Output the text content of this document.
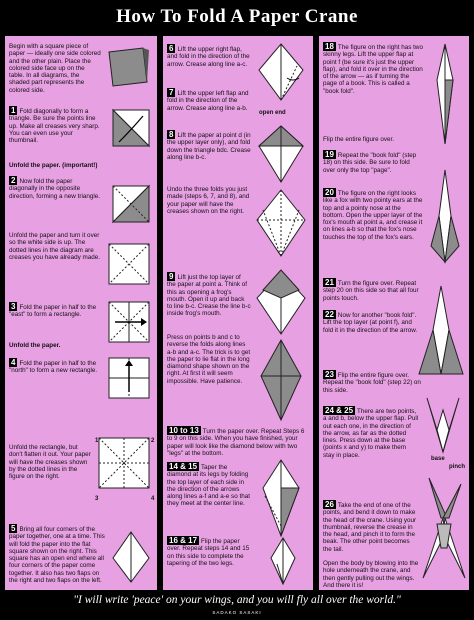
How To Fold A Paper Crane
Begin with a square piece of paper — ideally one side colored and the other plain. Place the colored side face up on the table. In all diagrams, the shaded part represents the colored side.
1 Fold diagonally to form a triangle. Be sure the points line up. Make all creases very sharp. You can even use your thumbnail.
Unfold the paper. (important!)
2 Now fold the paper diagonally in the opposite direction, forming a new triangle.
Unfold the paper and turn it over so the white side is up. The dotted lines in the diagram are creases you have already made.
3 Fold the paper in half to the "east" to form a rectangle.
Unfold the paper.
4 Fold the paper in half to the "north" to form a new rectangle.
Unfold the rectangle, but don't flatten it out. Your paper will have the creases shown by the dotted lines in the figure on the right.
1	2
3	4
5 Bring all four corners of the paper together, one at a time. This will fold the paper into the flat square shown on the right. This square has an open end where all four corners of the paper come together. It also has two flaps on the right and two flaps on the left.
6 Lift the upper right flap, and fold in the direction of the arrow. Crease along line a-c.
open end
7 Lift the upper left flap and fold in the direction of the arrow. Crease along line a-b.
8 Lift the paper at point d (in the upper layer only), and fold down the triangle bdc. Crease along line b-c.
Undo the three folds you just made (steps 6, 7, and 8), and your paper will have the creases shown on the right.
9 Lift just the top layer of the paper at point a. Think of this as opening a frog's mouth. Open it up and back to line b-c. Crease the line b-c inside frog's mouth.
Press on points b and c to reverse the folds along lines a-b and a-c. The trick is to get the paper to lie flat in the long diamond shape shown on the right. At first it will seem impossible. Have patience.
10 to 13 Turn the paper over. Repeat Steps 6 to 9 on this side. When you have finished, your paper will look like the diamond below with two "legs" at the bottom.
14 & 15 Taper the diamond at its legs by folding the top layer of each side in the direction of the arrows along lines a-f and a-e so that they meet at the center line.
16 & 17 Flip the paper over. Repeat steps 14 and 15 on this side to complete the tapering of the two legs.
18 The figure on the right has two skinny legs. Lift the upper flap at point f (be sure it's just the upper flap), and fold it over in the direction of the arrow — as if turning the page of a book. This is called a "book fold".
Flip the entire figure over.
19 Repeat the "book fold" (step 18) on this side. Be sure to fold over only the top "page".
20 The figure on the right looks like a fox with two pointy ears at the top and a pointy nose at the bottom. Open the upper layer of the fox's mouth at point a, and crease it on lines a-b so that the fox's nose touches the top of the fox's ears.
21 Turn the figure over. Repeat step 20 on this side so that all four points touch.
22 Now for another "book fold". Lift the top layer (at point f), and fold it in the direction of the arrow.
23 Flip the entire figure over. Repeat the "book fold" (step 22) on this side.
24 & 25 There are two points, a and b, below the upper flap. Pull out each one, in the direction of the arrow, as far as the dotted lines. Press down at the base (points x and y) to make them stay in place.
base
pinch
26 Take the end of one of the points, and bend it down to make the head of the crane. Using your thumbnail, reverse the crease in the head, and pinch it to form the beak. The other point becomes the tail.
Open the body by blowing into the hole underneath the crane, and then gently pulling out the wings. And there it is!
"I will write 'peace' on your wings, and you will fly all over the world."
SADAKO SASAKI
